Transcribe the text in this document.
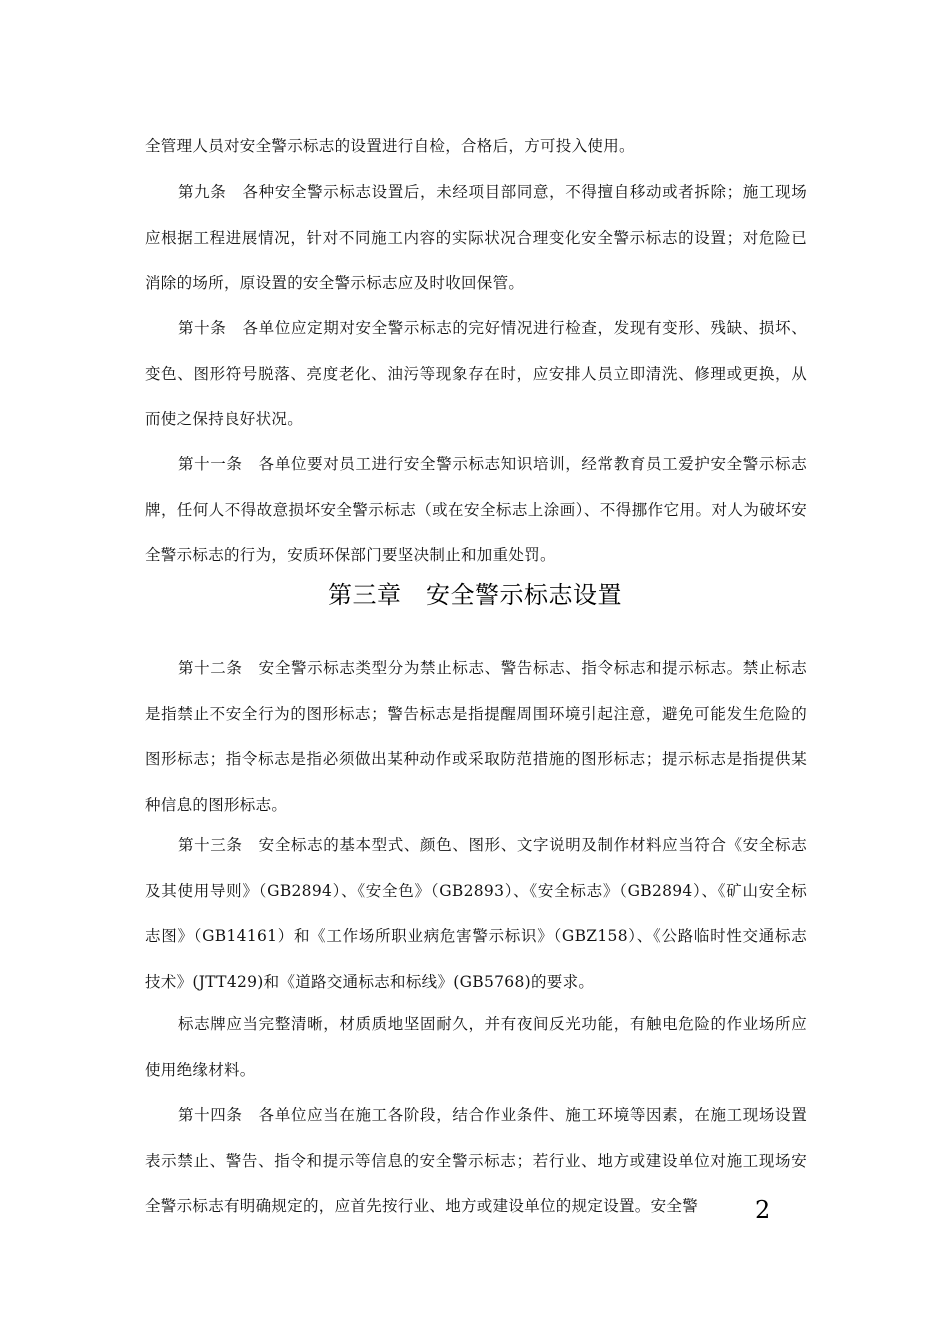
全管理人员对安全警示标志的设置进行自检，合格后，方可投入使用。

第九条　各种安全警示标志设置后，未经项目部同意，不得擅自移动或者拆除；施工现场应根据工程进展情况，针对不同施工内容的实际状况合理变化安全警示标志的设置；对危险已消除的场所，原设置的安全警示标志应及时收回保管。

第十条　各单位应定期对安全警示标志的完好情况进行检查，发现有变形、残缺、损坏、变色、图形符号脱落、亮度老化、油污等现象存在时，应安排人员立即清洗、修理或更换，从而使之保持良好状况。

第十一条　各单位要对员工进行安全警示标志知识培训，经常教育员工爱护安全警示标志牌，任何人不得故意损坏安全警示标志（或在安全标志上涂画）、不得挪作它用。对人为破坏安全警示标志的行为，安质环保部门要坚决制止和加重处罚。

第三章　安全警示标志设置

第十二条　安全警示标志类型分为禁止标志、警告标志、指令标志和提示标志。禁止标志是指禁止不安全行为的图形标志；警告标志是指提醒周围环境引起注意，避免可能发生危险的图形标志；指令标志是指必须做出某种动作或采取防范措施的图形标志；提示标志是指提供某种信息的图形标志。

第十三条　安全标志的基本型式、颜色、图形、文字说明及制作材料应当符合《安全标志及其使用导则》（GB2894）、《安全色》（GB2893）、《安全标志》（GB2894）、《矿山安全标志图》（GB14161）和《工作场所职业病危害警示标识》（GBZ158）、《公路临时性交通标志技术》(JTT429)和《道路交通标志和标线》(GB5768)的要求。

标志牌应当完整清晰，材质质地坚固耐久，并有夜间反光功能，有触电危险的作业场所应使用绝缘材料。

第十四条　各单位应当在施工各阶段，结合作业条件、施工环境等因素，在施工现场设置表示禁止、警告、指令和提示等信息的安全警示标志；若行业、地方或建设单位对施工现场安全警示标志有明确规定的，应首先按行业、地方或建设单位的规定设置。安全警	2
